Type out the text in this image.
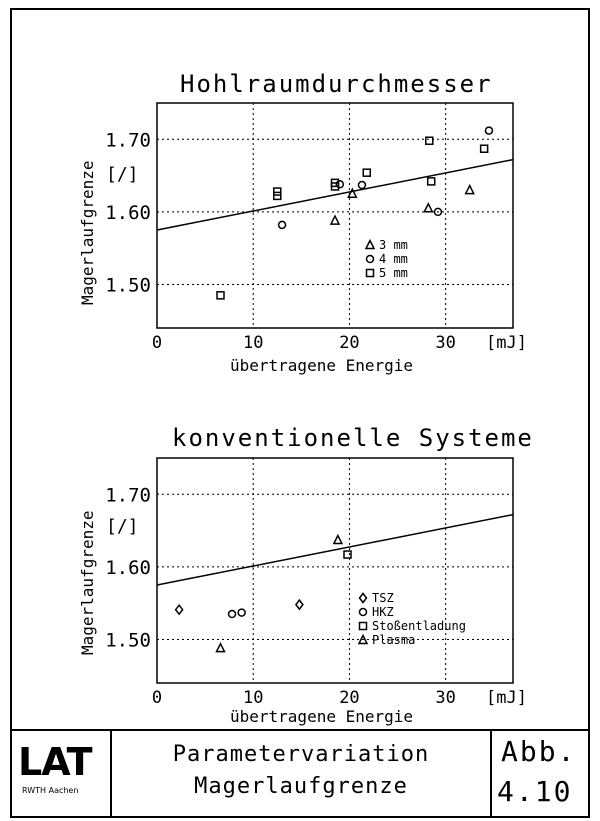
0	10	20	30 [mJ]
1.50
1.60
1.70
3 mm
4 mm
5 mm
0	10	20	30 [mJ]
1.50
1.60
1.70
TSZ
HKZ
Stoßentladung
Plasma
Hohlraumdurchmesser
Magerlaufgrenze [/]
übertragene Energie
konventionelle Systeme
Magerlaufgrenze [/]
übertragene Energie
LAT
RWTH Aachen
Parametervariation
Magerlaufgrenze
Abb.
4.10
